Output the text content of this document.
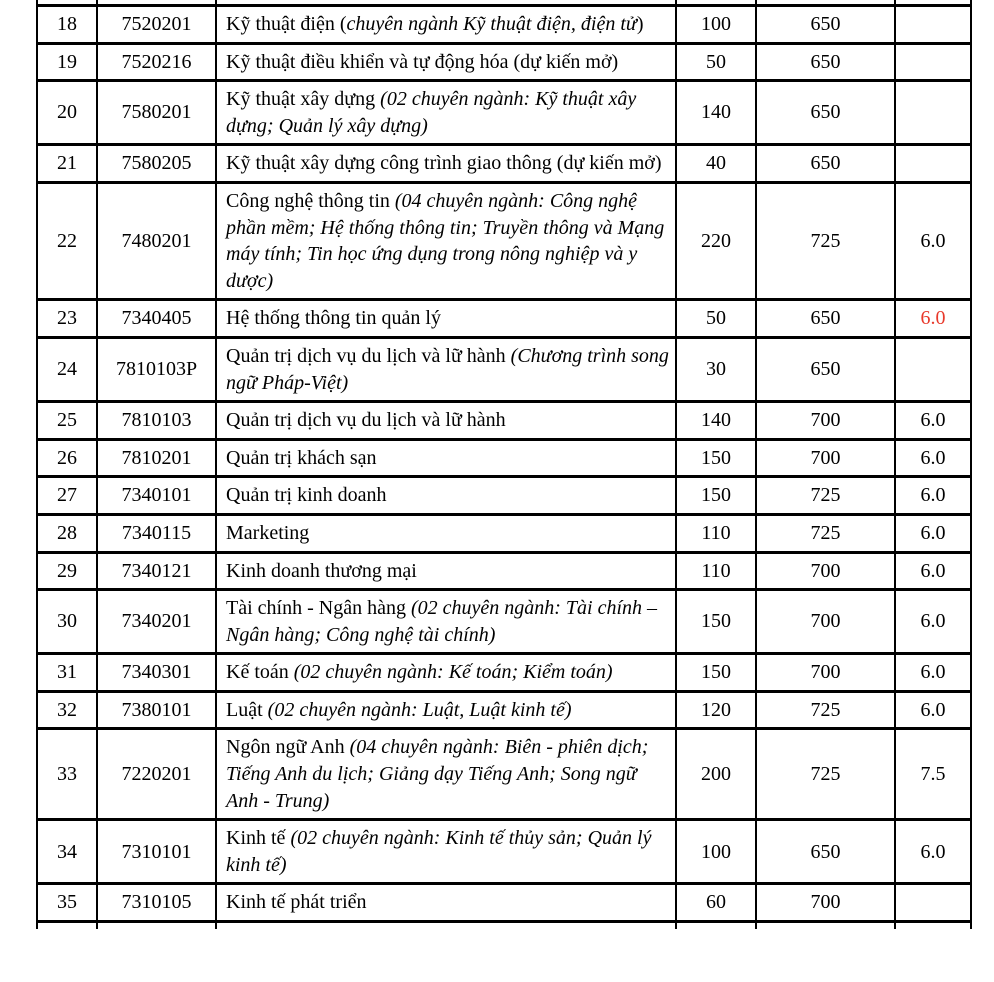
18	7520201	Kỹ thuật điện (chuyên ngành Kỹ thuật điện, điện tử)	100	650	
19	7520216	Kỹ thuật điều khiển và tự động hóa (dự kiến mở)	50	650	
20	7580201	Kỹ thuật xây dựng (02 chuyên ngành: Kỹ thuật xây dựng; Quản lý xây dựng)	140	650	
21	7580205	Kỹ thuật xây dựng công trình giao thông (dự kiến mở)	40	650	
22	7480201	Công nghệ thông tin (04 chuyên ngành: Công nghệ phần mềm; Hệ thống thông tin; Truyền thông và Mạng máy tính; Tin học ứng dụng trong nông nghiệp và y dược)	220	725	6.0
23	7340405	Hệ thống thông tin quản lý	50	650	6.0
24	7810103P	Quản trị dịch vụ du lịch và lữ hành (Chương trình song ngữ Pháp-Việt)	30	650	
25	7810103	Quản trị dịch vụ du lịch và lữ hành	140	700	6.0
26	7810201	Quản trị khách sạn	150	700	6.0
27	7340101	Quản trị kinh doanh	150	725	6.0
28	7340115	Marketing	110	725	6.0
29	7340121	Kinh doanh thương mại	110	700	6.0
30	7340201	Tài chính - Ngân hàng (02 chuyên ngành: Tài chính – Ngân hàng; Công nghệ tài chính)	150	700	6.0
31	7340301	Kế toán (02 chuyên ngành: Kế toán; Kiểm toán)	150	700	6.0
32	7380101	Luật (02 chuyên ngành: Luật, Luật kinh tế)	120	725	6.0
33	7220201	Ngôn ngữ Anh (04 chuyên ngành: Biên - phiên dịch; Tiếng Anh du lịch; Giảng dạy Tiếng Anh; Song ngữ Anh - Trung)	200	725	7.5
34	7310101	Kinh tế (02 chuyên ngành: Kinh tế thủy sản; Quản lý kinh tế)	100	650	6.0
35	7310105	Kinh tế phát triển	60	700	
